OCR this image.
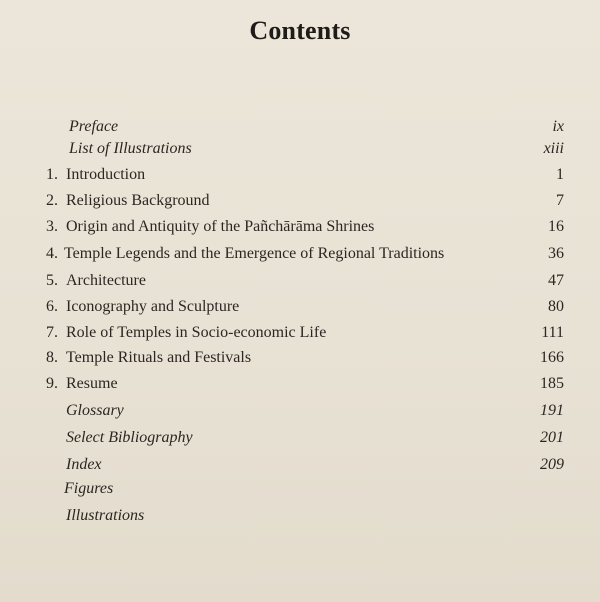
Contents
Preface	ix
List of Illustrations	xiii
1. Introduction	1
2. Religious Background	7
3. Origin and Antiquity of the Pañchārāma Shrines	16
4. Temple Legends and the Emergence of Regional Traditions	36
5. Architecture	47
6. Iconography and Sculpture	80
7. Role of Temples in Socio-economic Life	111
8. Temple Rituals and Festivals	166
9. Resume	185
Glossary	191
Select Bibliography	201
Index	209
Figures
Illustrations
